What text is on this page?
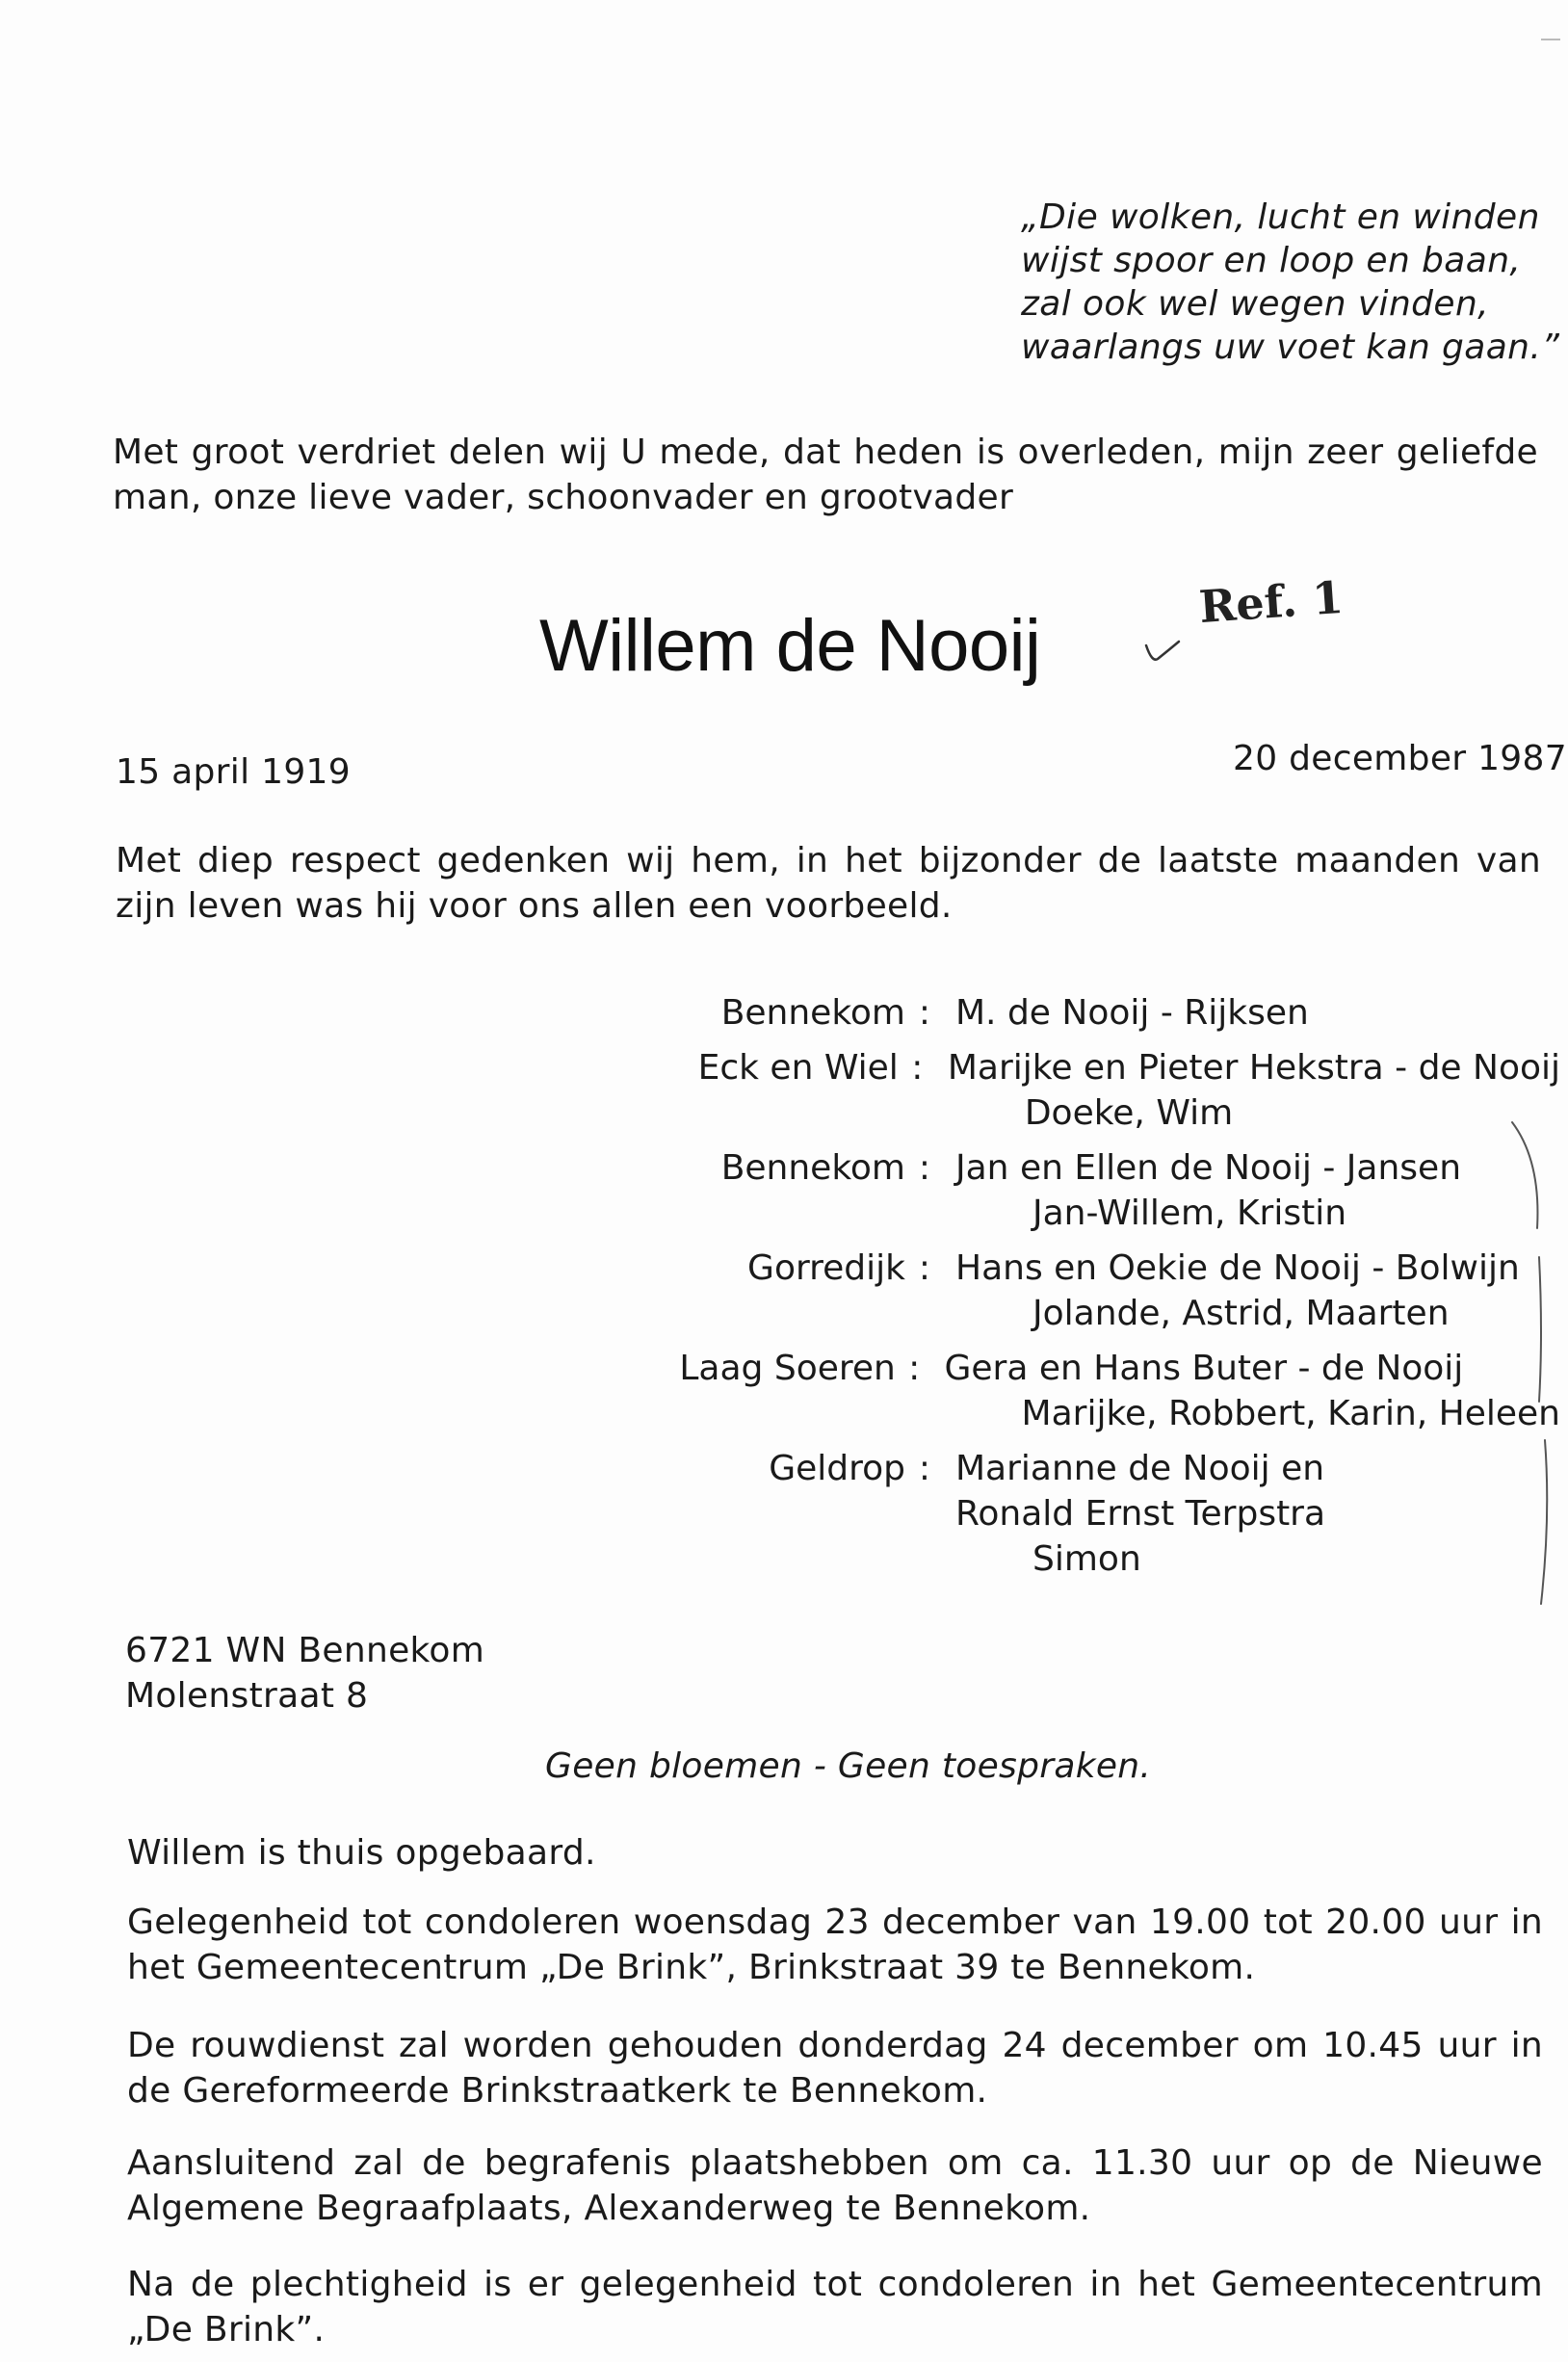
„Die wolken, lucht en winden
wijst spoor en loop en baan,
zal ook wel wegen vinden,
waarlangs uw voet kan gaan.”
Met groot verdriet delen wij U mede, dat heden is overleden, mijn zeer geliefde man, onze lieve vader, schoonvader en grootvader
Willem de Nooij
Ref. 1
15 april 1919	20 december 1987
Met diep respect gedenken wij hem, in het bijzonder de laatste maanden van zijn leven was hij voor ons allen een voorbeeld.
Bennekom : M. de Nooij - Rijksen
Eck en Wiel : Marijke en Pieter Hekstra - de Nooij
Doeke, Wim
Bennekom : Jan en Ellen de Nooij - Jansen
Jan-Willem, Kristin
Gorredijk : Hans en Oekie de Nooij - Bolwijn
Jolande, Astrid, Maarten
Laag Soeren : Gera en Hans Buter - de Nooij
Marijke, Robbert, Karin, Heleen
Geldrop : Marianne de Nooij en
Ronald Ernst Terpstra
Simon
6721 WN Bennekom
Molenstraat 8
Geen bloemen - Geen toespraken.
Willem is thuis opgebaard.
Gelegenheid tot condoleren woensdag 23 december van 19.00 tot 20.00 uur in het Gemeentecentrum „De Brink”, Brinkstraat 39 te Bennekom.
De rouwdienst zal worden gehouden donderdag 24 december om 10.45 uur in de Gereformeerde Brinkstraatkerk te Bennekom.
Aansluitend zal de begrafenis plaatshebben om ca. 11.30 uur op de Nieuwe Algemene Begraafplaats, Alexanderweg te Bennekom.
Na de plechtigheid is er gelegenheid tot condoleren in het Gemeentecentrum „De Brink”.
